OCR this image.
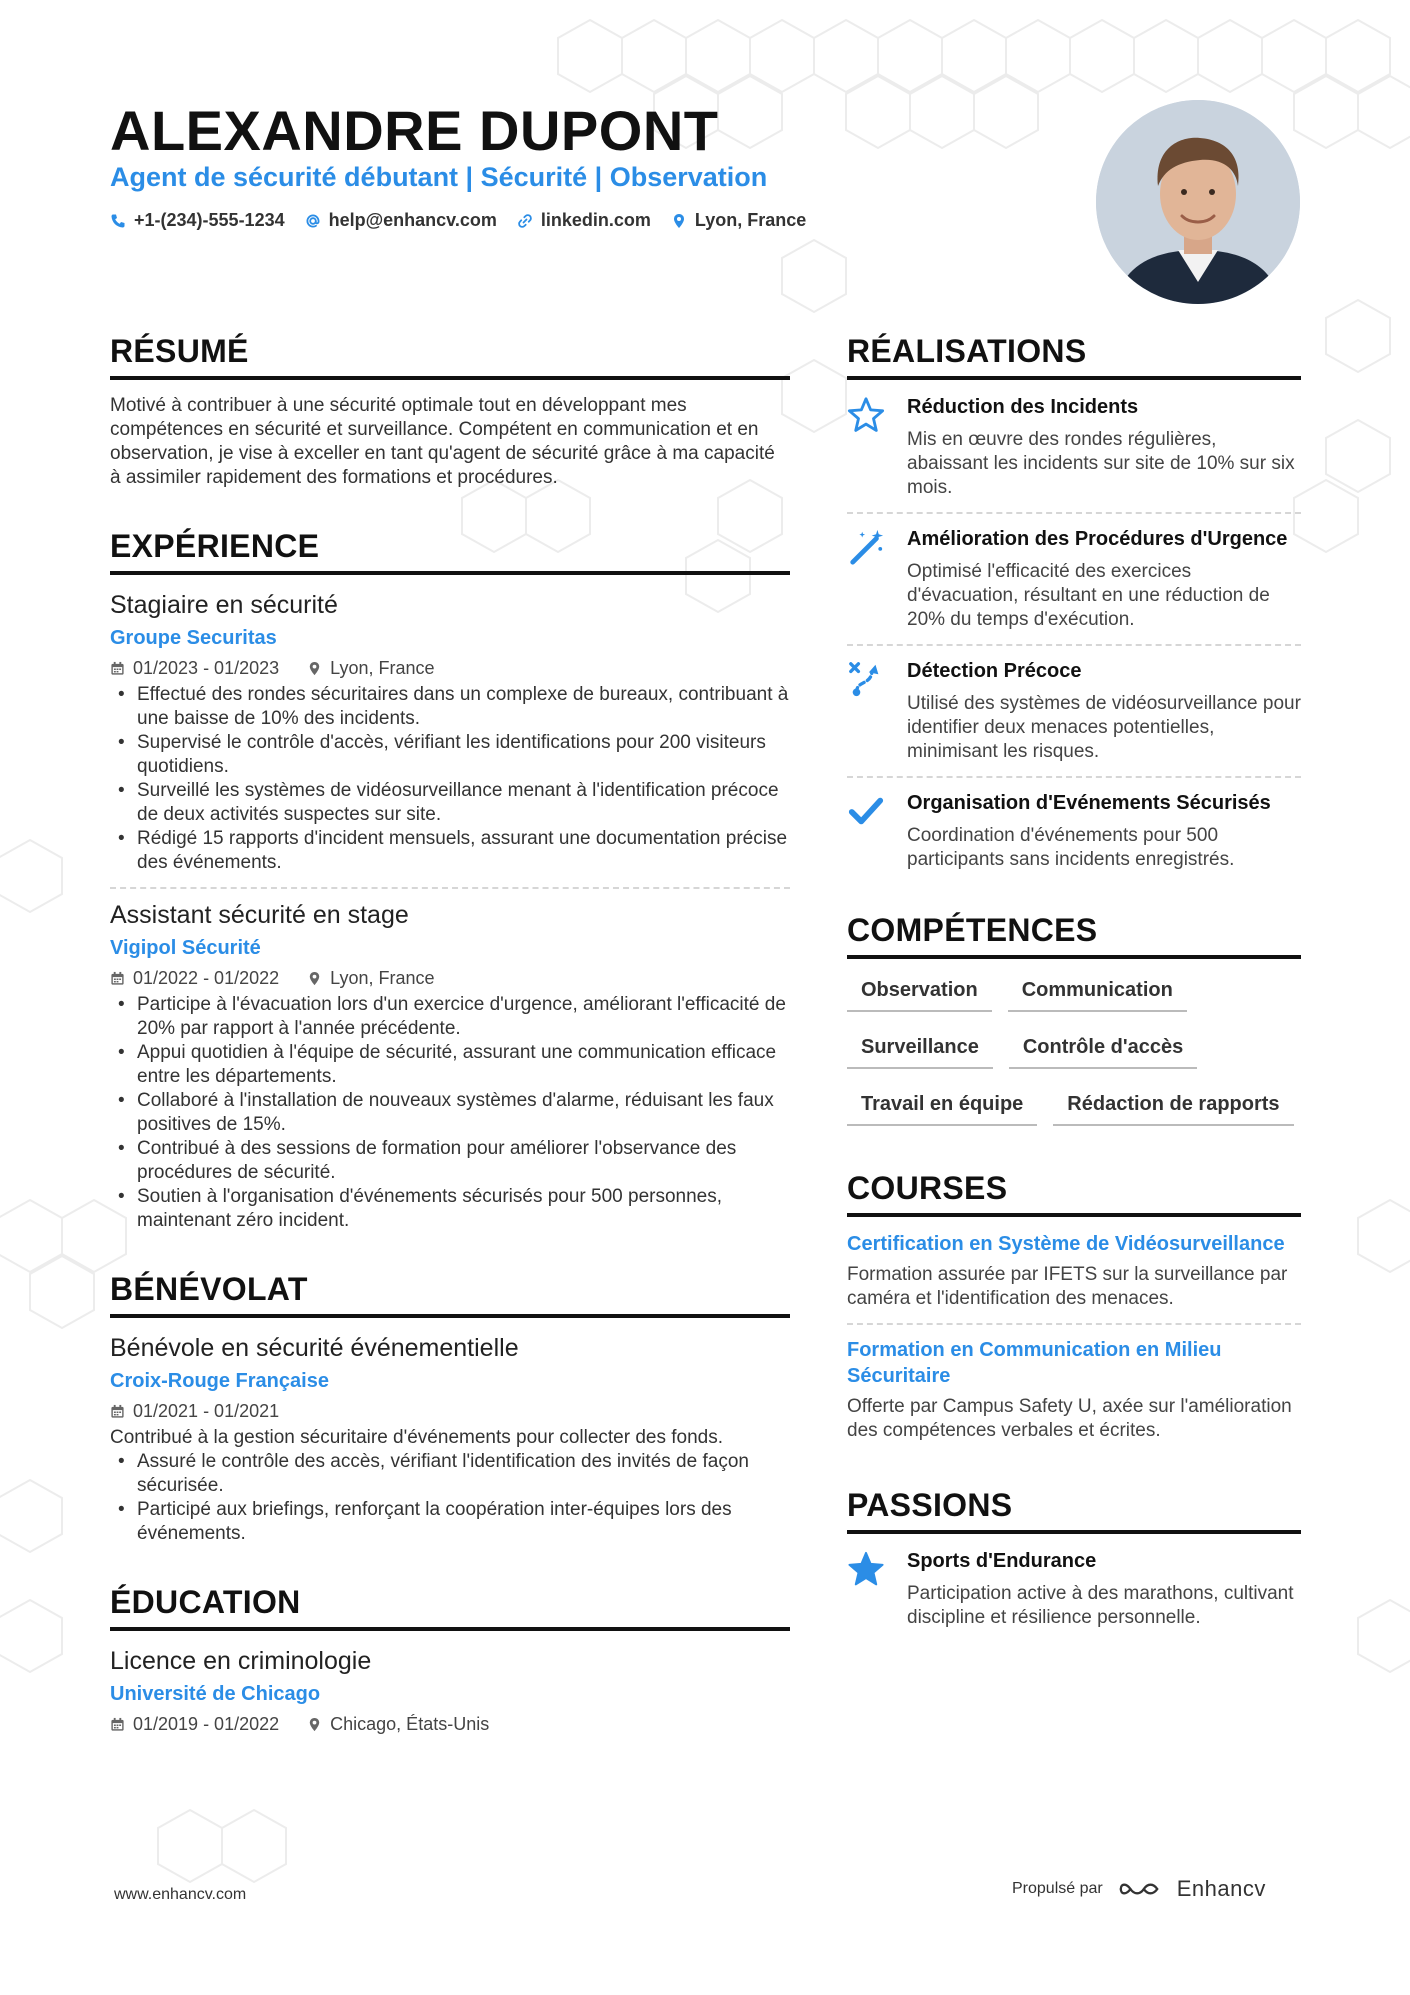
ALEXANDRE DUPONT
Agent de sécurité débutant | Sécurité | Observation
+1-(234)-555-1234 help@enhancv.com linkedin.com Lyon, France
RÉSUMÉ
Motivé à contribuer à une sécurité optimale tout en développant mes compétences en sécurité et surveillance. Compétent en communication et en observation, je vise à exceller en tant qu'agent de sécurité grâce à ma capacité à assimiler rapidement des formations et procédures.
EXPÉRIENCE
Stagiaire en sécurité
Groupe Securitas
01/2023 - 01/2023	Lyon, France
• Effectué des rondes sécuritaires dans un complexe de bureaux, contribuant à une baisse de 10% des incidents.
• Supervisé le contrôle d'accès, vérifiant les identifications pour 200 visiteurs quotidiens.
• Surveillé les systèmes de vidéosurveillance menant à l'identification précoce de deux activités suspectes sur site.
• Rédigé 15 rapports d'incident mensuels, assurant une documentation précise des événements.
Assistant sécurité en stage
Vigipol Sécurité
01/2022 - 01/2022	Lyon, France
• Participe à l'évacuation lors d'un exercice d'urgence, améliorant l'efficacité de 20% par rapport à l'année précédente.
• Appui quotidien à l'équipe de sécurité, assurant une communication efficace entre les départements.
• Collaboré à l'installation de nouveaux systèmes d'alarme, réduisant les faux positives de 15%.
• Contribué à des sessions de formation pour améliorer l'observance des procédures de sécurité.
• Soutien à l'organisation d'événements sécurisés pour 500 personnes, maintenant zéro incident.
BÉNÉVOLAT
Bénévole en sécurité événementielle
Croix-Rouge Française
01/2021 - 01/2021
Contribué à la gestion sécuritaire d'événements pour collecter des fonds.
• Assuré le contrôle des accès, vérifiant l'identification des invités de façon sécurisée.
• Participé aux briefings, renforçant la coopération inter-équipes lors des événements.
ÉDUCATION
Licence en criminologie
Université de Chicago
01/2019 - 01/2022	Chicago, États-Unis
RÉALISATIONS
Réduction des Incidents
Mis en œuvre des rondes régulières, abaissant les incidents sur site de 10% sur six mois.
Amélioration des Procédures d'Urgence
Optimisé l'efficacité des exercices d'évacuation, résultant en une réduction de 20% du temps d'exécution.
Détection Précoce
Utilisé des systèmes de vidéosurveillance pour identifier deux menaces potentielles, minimisant les risques.
Organisation d'Evénements Sécurisés
Coordination d'événements pour 500 participants sans incidents enregistrés.
COMPÉTENCES
Observation	Communication
Surveillance	Contrôle d'accès
Travail en équipe	Rédaction de rapports
COURSES
Certification en Système de Vidéosurveillance
Formation assurée par IFETS sur la surveillance par caméra et l'identification des menaces.
Formation en Communication en Milieu Sécuritaire
Offerte par Campus Safety U, axée sur l'amélioration des compétences verbales et écrites.
PASSIONS
Sports d'Endurance
Participation active à des marathons, cultivant discipline et résilience personnelle.
www.enhancv.com	Propulsé par	Enhancv
